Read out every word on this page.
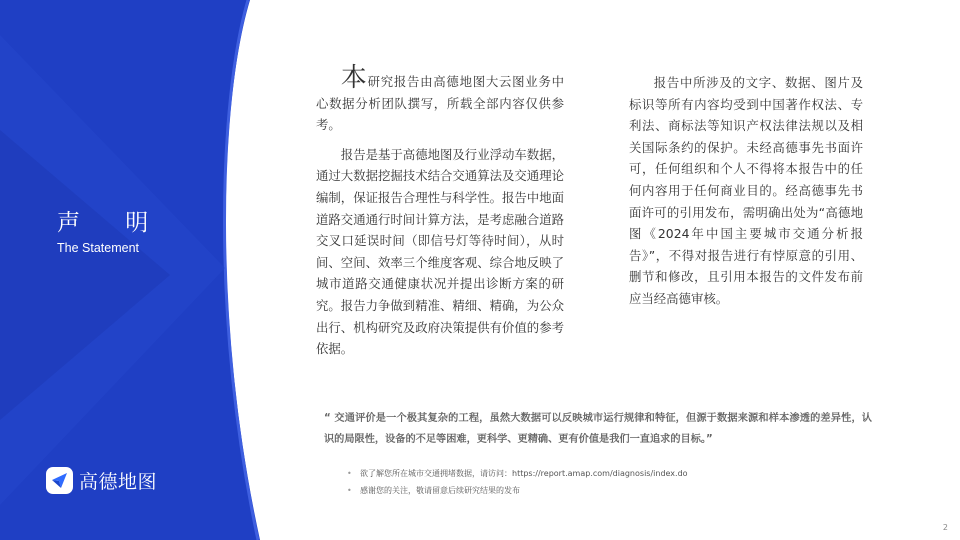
声 明
The Statement
高德地图

本研究报告由高德地图大云图业务中心数据分析团队撰写，所载全部内容仅供参考。

报告是基于高德地图及行业浮动车数据，通过大数据挖掘技术结合交通算法及交通理论编制，保证报告合理性与科学性。报告中地面道路交通通行时间计算方法，是考虑融合道路交叉口延误时间（即信号灯等待时间），从时间、空间、效率三个维度客观、综合地反映了城市道路交通健康状况并提出诊断方案的研究。报告力争做到精准、精细、精确，为公众出行、机构研究及政府决策提供有价值的参考依据。

报告中所涉及的文字、数据、图片及标识等所有内容均受到中国著作权法、专利法、商标法等知识产权法律法规以及相关国际条约的保护。未经高德事先书面许可，任何组织和个人不得将本报告中的任何内容用于任何商业目的。经高德事先书面许可的引用发布，需明确出处为“高德地图《2024年中国主要城市交通分析报告》”，不得对报告进行有悖原意的引用、删节和修改，且引用本报告的文件发布前应当经高德审核。

“ 交通评价是一个极其复杂的工程，虽然大数据可以反映城市运行规律和特征，但源于数据来源和样本渗透的差异性，认识的局限性，设备的不足等困难，更科学、更精确、更有价值是我们一直追求的目标。”
• 欲了解您所在城市交通拥堵数据，请访问：https://report.amap.com/diagnosis/index.do
• 感谢您的关注，敬请留意后续研究结果的发布
2
